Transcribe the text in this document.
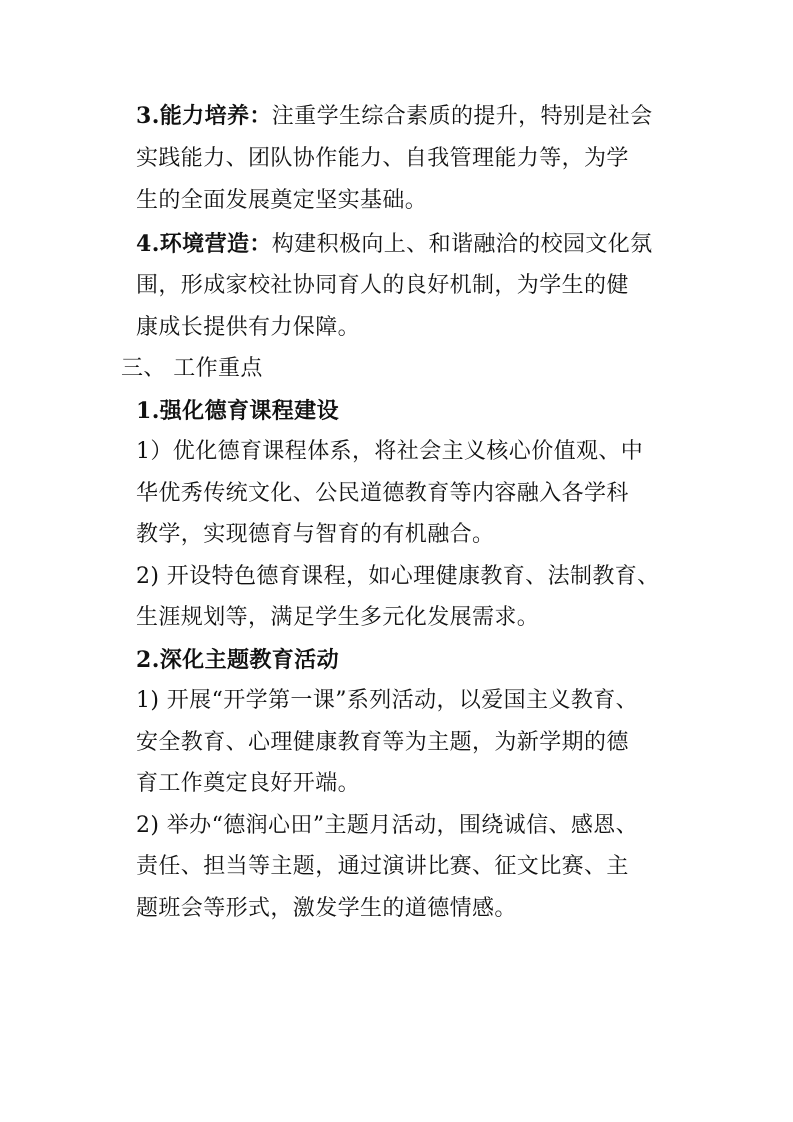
3.能力培养：注重学生综合素质的提升，特别是社会
实践能力、团队协作能力、自我管理能力等，为学
生的全面发展奠定坚实基础。
4.环境营造：构建积极向上、和谐融洽的校园文化氛
围，形成家校社协同育人的良好机制，为学生的健
康成长提供有力保障。
三、 工作重点
1.强化德育课程建设
1）优化德育课程体系，将社会主义核心价值观、中
华优秀传统文化、公民道德教育等内容融入各学科
教学，实现德育与智育的有机融合。
2) 开设特色德育课程，如心理健康教育、法制教育、
生涯规划等，满足学生多元化发展需求。
2.深化主题教育活动
1) 开展“开学第一课”系列活动，以爱国主义教育、
安全教育、心理健康教育等为主题，为新学期的德
育工作奠定良好开端。
2) 举办“德润心田”主题月活动，围绕诚信、感恩、
责任、担当等主题，通过演讲比赛、征文比赛、主
题班会等形式，激发学生的道德情感。
